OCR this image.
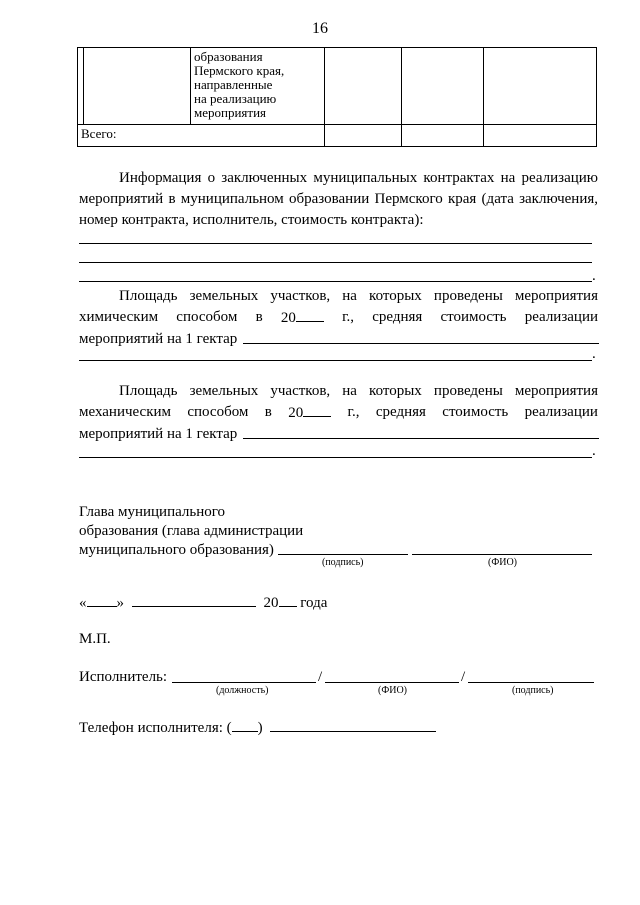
16

		образования
Пермского края,
направленные
на реализацию
мероприятия			

Всего:					
Информация о заключенных муниципальных контрактах на реализацию
мероприятий в муниципальном образовании Пермского края (дата заключения,
номер контракта, исполнитель, стоимость контракта):
.
Площадь земельных участков, на которых проведены мероприятия
химическим способом в 20	г., средняя стоимость реализации
мероприятий на 1 гектар
.
Площадь земельных участков, на которых проведены мероприятия
механическим способом в 20	г., средняя стоимость реализации
мероприятий на 1 гектар
.
Глава муниципального
образования (глава администрации
муниципального образования)
(подпись)	(ФИО)
« »	20 года
М.П.
Исполнитель:	/	/
(должность)	(ФИО)	(подпись)
Телефон исполнителя: ( )
